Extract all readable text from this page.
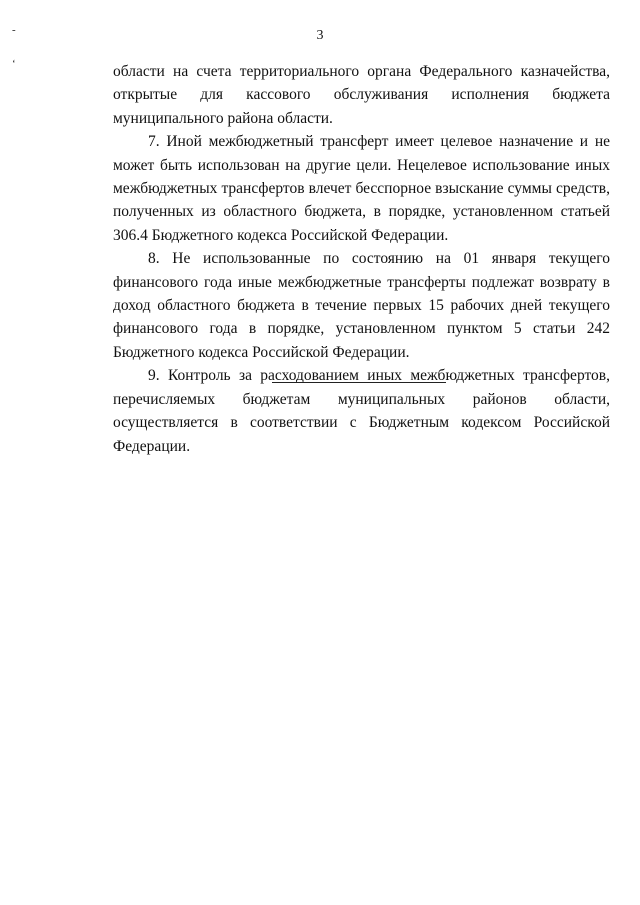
3
-
‘	области на счета территориального органа Федерального казначейства, открытые для кассового обслуживания исполнения бюджета муниципального района области.

7. Иной межбюджетный трансферт имеет целевое назначение и не может быть использован на другие цели. Нецелевое использование иных межбюджетных трансфертов влечет бесспорное взыскание суммы средств, полученных из областного бюджета, в порядке, установленном статьей 306.4 Бюджетного кодекса Российской Федерации.

8. Не использованные по состоянию на 01 января текущего финансового года иные межбюджетные трансферты подлежат возврату в доход областного бюджета в течение первых 15 рабочих дней текущего финансового года в порядке, установленном пунктом 5 статьи 242 Бюджетного кодекса Российской Федерации.

9. Контроль за расходованием иных межбюджетных трансфертов, перечисляемых бюджетам муниципальных районов области, осуществляется в соответствии с Бюджетным кодексом Российской Федерации.
